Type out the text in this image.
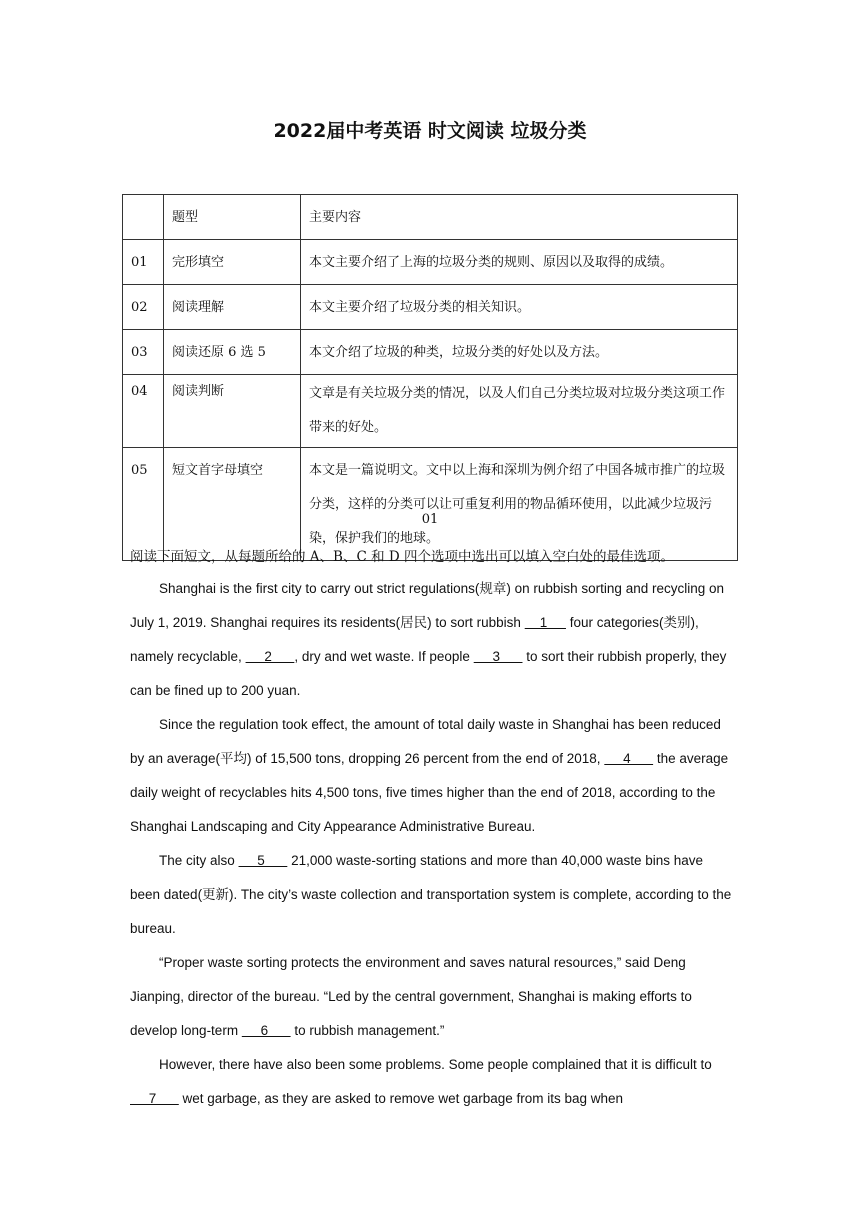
2022届中考英语 时文阅读 垃圾分类
	题型	主要内容
01	完形填空	本文主要介绍了上海的垃圾分类的规则、原因以及取得的成绩。
02	阅读理解	本文主要介绍了垃圾分类的相关知识。
03	阅读还原 6 选 5	本文介绍了垃圾的种类，垃圾分类的好处以及方法。
04	阅读判断	文章是有关垃圾分类的情况，以及人们自己分类垃圾对垃圾分类这项工作带来的好处。
05	短文首字母填空	本文是一篇说明文。文中以上海和深圳为例介绍了中国各城市推广的垃圾分类，这样的分类可以让可重复利用的物品循环使用，以此减少垃圾污染，保护我们的地球。
01
阅读下面短文，从每题所给的 A、B、C 和 D 四个选项中选出可以填入空白处的最佳选项。

Shanghai is the first city to carry out strict regulations(规章) on rubbish sorting and recycling on July 1, 2019. Shanghai requires its residents(居民) to sort rubbish     1      four categories(类别), namely recyclable,      2      , dry and wet waste. If people      3       to sort their rubbish properly, they can be fined up to 200 yuan.

Since the regulation took effect, the amount of total daily waste in Shanghai has been reduced by an average(平均) of 15,500 tons, dropping 26 percent from the end of 2018,      4       the average daily weight of recyclables hits 4,500 tons, five times higher than the end of 2018, according to the Shanghai Landscaping and City Appearance Administrative Bureau.

The city also      5       21,000 waste-sorting stations and more than 40,000 waste bins have been dated(更新). The city’s waste collection and transportation system is complete, according to the bureau.

“Proper waste sorting protects the environment and saves natural resources,” said Deng Jianping, director of the bureau. “Led by the central government, Shanghai is making efforts to develop long-term      6       to rubbish management.”

However, there have also been some problems. Some people complained that it is difficult to      7       wet garbage, as they are asked to remove wet garbage from its bag when
